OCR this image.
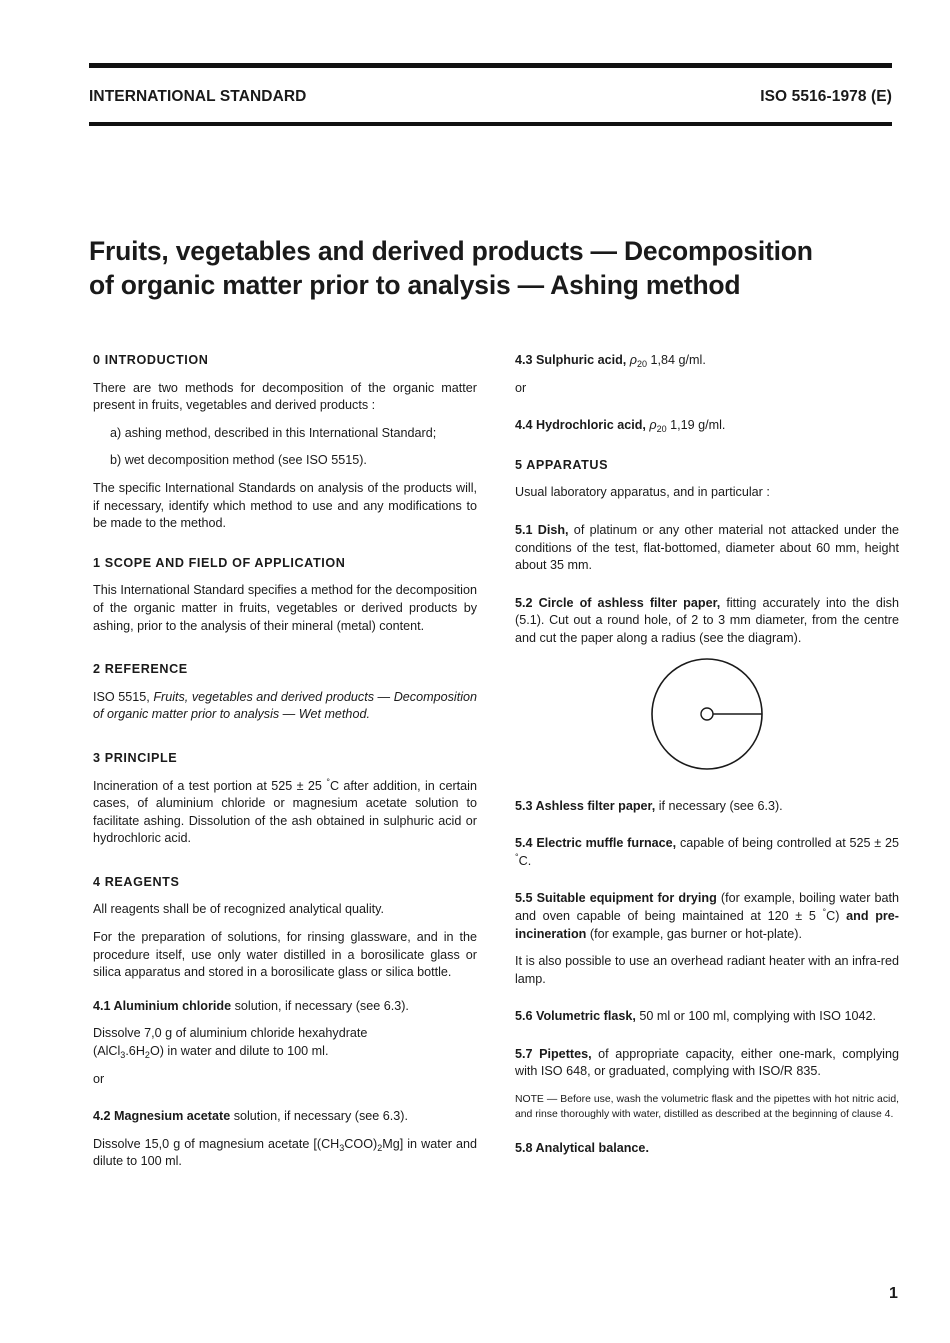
INTERNATIONAL STANDARD	ISO 5516-1978 (E)
Fruits, vegetables and derived products — Decomposition
of organic matter prior to analysis — Ashing method

0 INTRODUCTION

There are two methods for decomposition of the organic matter present in fruits, vegetables and derived products :

a) ashing method, described in this International Standard;

b) wet decomposition method (see ISO 5515).

The specific International Standards on analysis of the products will, if necessary, identify which method to use and any modifications to be made to the method.

1 SCOPE AND FIELD OF APPLICATION

This International Standard specifies a method for the decomposition of the organic matter in fruits, vegetables or derived products by ashing, prior to the analysis of their mineral (metal) content.

2 REFERENCE

ISO 5515, Fruits, vegetables and derived products — Decomposition of organic matter prior to analysis — Wet method.

3 PRINCIPLE

Incineration of a test portion at 525 ± 25 °C after addition, in certain cases, of aluminium chloride or magnesium acetate solution to facilitate ashing. Dissolution of the ash obtained in sulphuric acid or hydrochloric acid.

4 REAGENTS

All reagents shall be of recognized analytical quality.

For the preparation of solutions, for rinsing glassware, and in the procedure itself, use only water distilled in a borosilicate glass or silica apparatus and stored in a borosilicate glass or silica bottle.

4.1 Aluminium chloride solution, if necessary (see 6.3).

Dissolve 7,0 g of aluminium chloride hexahydrate
$(AlCl_3.6H_2O)$ in water and dilute to 100 ml.

or

4.2 Magnesium acetate solution, if necessary (see 6.3).

Dissolve 15,0 g of magnesium acetate $[(CH_3COO)_2Mg]$ in water and dilute to 100 ml.

4.3 Sulphuric acid, $\rho_{20}$ 1,84 g/ml.

or

4.4 Hydrochloric acid, $\rho_{20}$ 1,19 g/ml.

5 APPARATUS

Usual laboratory apparatus, and in particular :

5.1 Dish, of platinum or any other material not attacked under the conditions of the test, flat-bottomed, diameter about 60 mm, height about 35 mm.

5.2 Circle of ashless filter paper, fitting accurately into the dish (5.1). Cut out a round hole, of 2 to 3 mm diameter, from the centre and cut the paper along a radius (see the diagram).

5.3 Ashless filter paper, if necessary (see 6.3).

5.4 Electric muffle furnace, capable of being controlled at 525 ± 25 °C.

5.5 Suitable equipment for drying (for example, boiling water bath and oven capable of being maintained at 120 ± 5 °C) and pre-incineration (for example, gas burner or hot-plate).

It is also possible to use an overhead radiant heater with an infra-red lamp.

5.6 Volumetric flask, 50 ml or 100 ml, complying with ISO 1042.

5.7 Pipettes, of appropriate capacity, either one-mark, complying with ISO 648, or graduated, complying with ISO/R 835.

NOTE — Before use, wash the volumetric flask and the pipettes with hot nitric acid, and rinse thoroughly with water, distilled as described at the beginning of clause 4.

5.8 Analytical balance.

1
